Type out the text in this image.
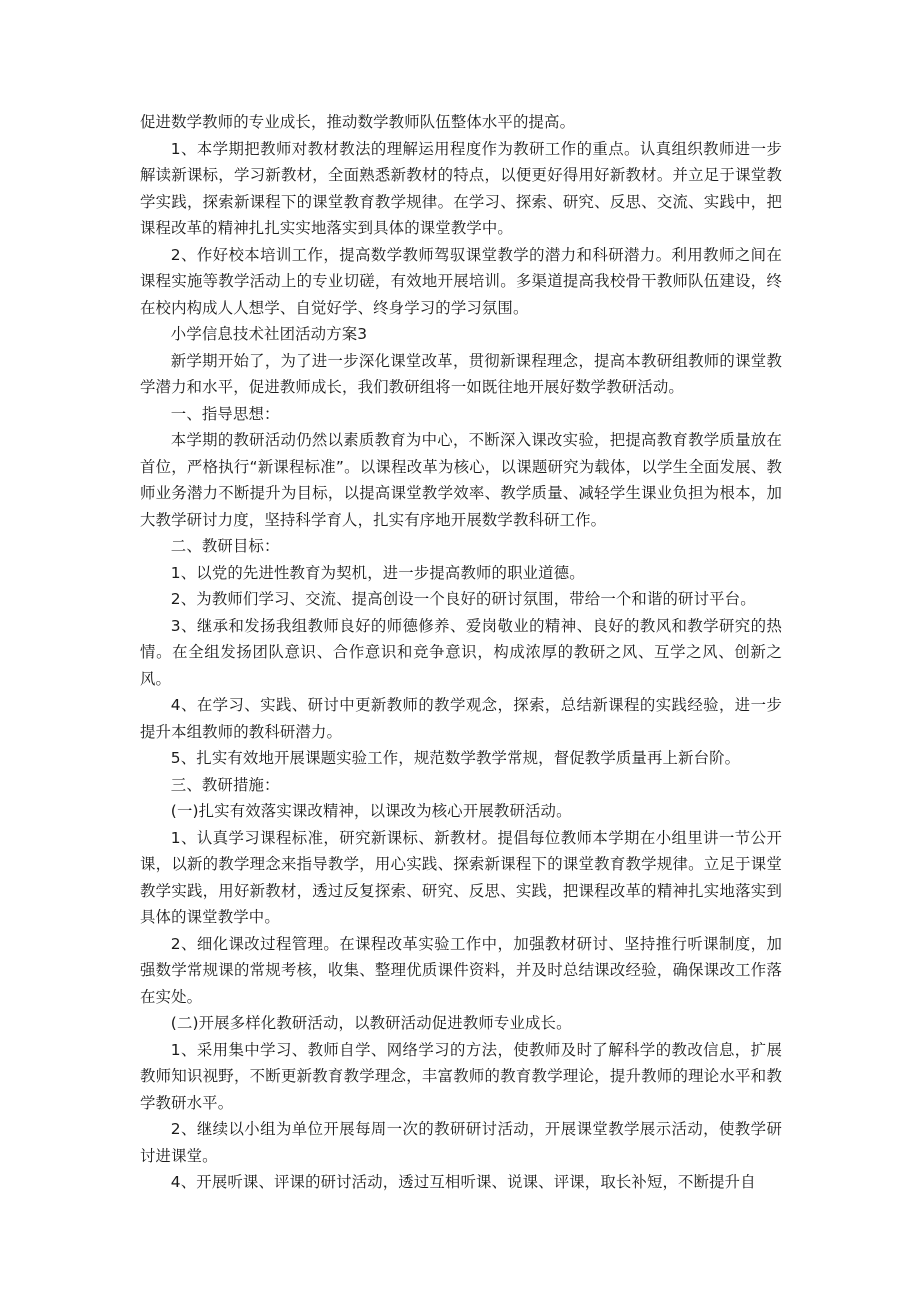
促进数学教师的专业成长，推动数学教师队伍整体水平的提高。

1、本学期把教师对教材教法的理解运用程度作为教研工作的重点。认真组织教师进一步解读新课标，学习新教材，全面熟悉新教材的特点，以便更好得用好新教材。并立足于课堂教学实践，探索新课程下的课堂教育教学规律。在学习、探索、研究、反思、交流、实践中，把课程改革的精神扎扎实实地落实到具体的课堂教学中。

2、作好校本培训工作，提高数学教师驾驭课堂教学的潜力和科研潜力。利用教师之间在课程实施等教学活动上的专业切磋，有效地开展培训。多渠道提高我校骨干教师队伍建设，终在校内构成人人想学、自觉好学、终身学习的学习氛围。

小学信息技术社团活动方案3

新学期开始了，为了进一步深化课堂改革，贯彻新课程理念，提高本教研组教师的课堂教学潜力和水平，促进教师成长，我们教研组将一如既往地开展好数学教研活动。

一、指导思想：

本学期的教研活动仍然以素质教育为中心，不断深入课改实验，把提高教育教学质量放在首位，严格执行“新课程标准”。以课程改革为核心，以课题研究为载体，以学生全面发展、教师业务潜力不断提升为目标，以提高课堂教学效率、教学质量、减轻学生课业负担为根本，加大教学研讨力度，坚持科学育人，扎实有序地开展数学教科研工作。

二、教研目标：

1、以党的先进性教育为契机，进一步提高教师的职业道德。

2、为教师们学习、交流、提高创设一个良好的研讨氛围，带给一个和谐的研讨平台。

3、继承和发扬我组教师良好的师德修养、爱岗敬业的精神、良好的教风和教学研究的热情。在全组发扬团队意识、合作意识和竞争意识，构成浓厚的教研之风、互学之风、创新之风。

4、在学习、实践、研讨中更新教师的教学观念，探索，总结新课程的实践经验，进一步提升本组教师的教科研潜力。

5、扎实有效地开展课题实验工作，规范数学教学常规，督促教学质量再上新台阶。

三、教研措施：

(一)扎实有效落实课改精神，以课改为核心开展教研活动。

1、认真学习课程标准，研究新课标、新教材。提倡每位教师本学期在小组里讲一节公开课，以新的教学理念来指导教学，用心实践、探索新课程下的课堂教育教学规律。立足于课堂教学实践，用好新教材，透过反复探索、研究、反思、实践，把课程改革的精神扎实地落实到具体的课堂教学中。

2、细化课改过程管理。在课程改革实验工作中，加强教材研讨、坚持推行听课制度，加强数学常规课的常规考核，收集、整理优质课件资料，并及时总结课改经验，确保课改工作落在实处。

(二)开展多样化教研活动，以教研活动促进教师专业成长。

1、采用集中学习、教师自学、网络学习的方法，使教师及时了解科学的教改信息，扩展教师知识视野，不断更新教育教学理念，丰富教师的教育教学理论，提升教师的理论水平和教学教研水平。

2、继续以小组为单位开展每周一次的教研研讨活动，开展课堂教学展示活动，使教学研讨进课堂。

4、开展听课、评课的研讨活动，透过互相听课、说课、评课，取长补短，不断提升自
